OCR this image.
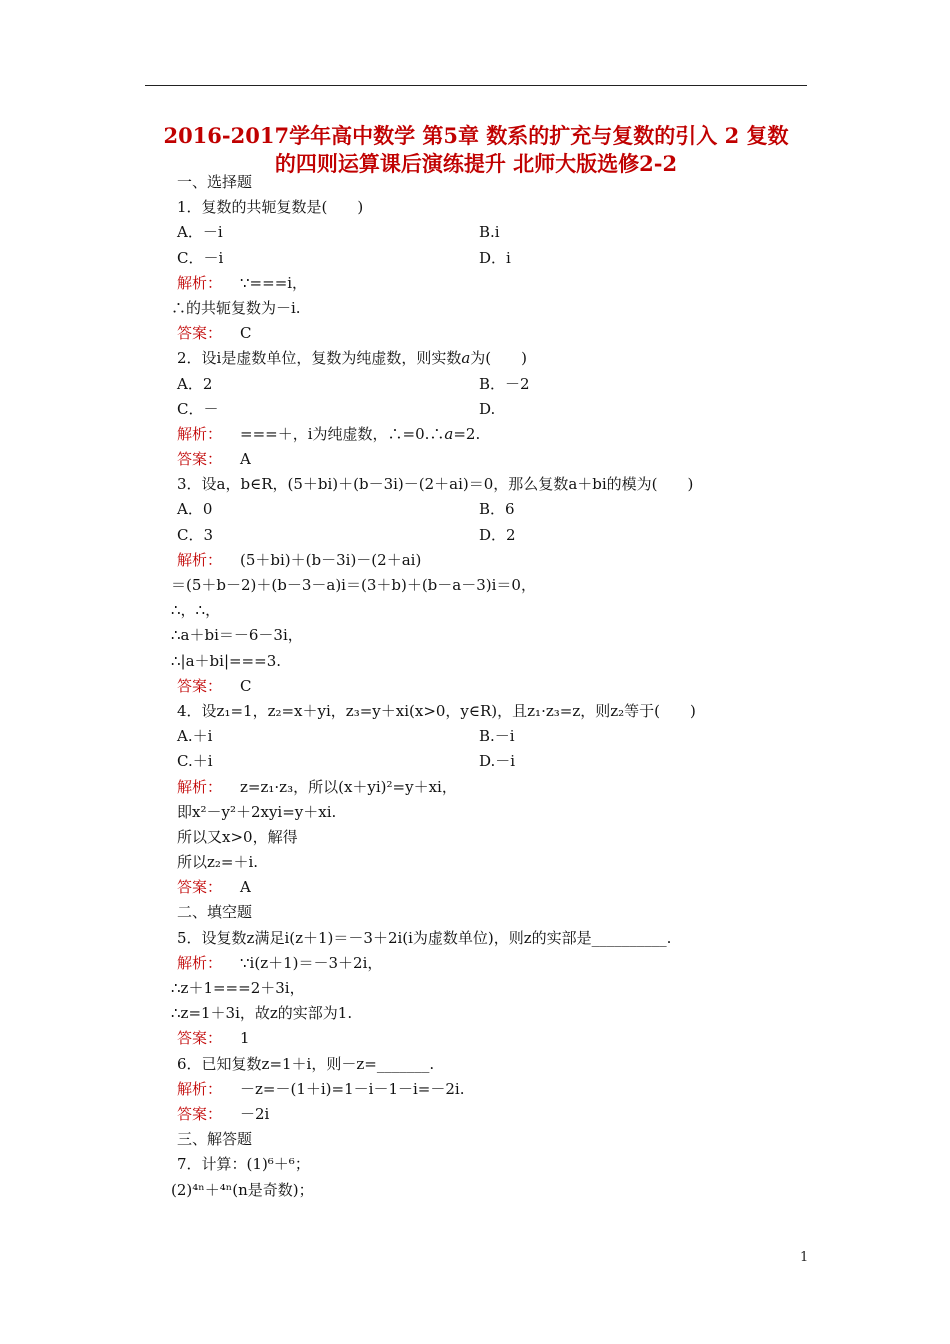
2016-2017学年高中数学 第5章 数系的扩充与复数的引入 2 复数
的四则运算课后演练提升 北师大版选修2-2
一、选择题
1．复数的共轭复数是(　　)
A．－i	B.i
C．－i	D．i
解析： ∵===i，
∴的共轭复数为－i.
答案： C
2．设i是虚数单位，复数为纯虚数，则实数a为(　　)
A．2	B．－2
C．－	D.
解析： ===＋，i为纯虚数，∴=0.∴a=2.
答案： A
3．设a，b∈R，(5＋bi)＋(b－3i)－(2＋ai)＝0，那么复数a＋bi的模为(　　)
A．0	B．6
C．3	D．2
解析： (5＋bi)＋(b－3i)－(2＋ai)
＝(5＋b－2)＋(b－3－a)i＝(3＋b)＋(b－a－3)i＝0，
∴，∴，
∴a＋bi＝－6－3i，
∴|a＋bi|===3.
答案： C
4．设z₁=1，z₂=x＋yi，z₃=y＋xi(x>0，y∈R)，且z₁·z₃=z，则z₂等于(　　)
A.＋i	B.－i
C.＋i	D.－i
解析： z=z₁·z₃，所以(x＋yi)²=y＋xi，
即x²－y²＋2xyi=y＋xi.
所以又x>0，解得
所以z₂=＋i.
答案： A
二、填空题
5．设复数z满足i(z＋1)＝－3＋2i(i为虚数单位)，则z的实部是__________.
解析： ∵i(z＋1)＝－3＋2i，
∴z＋1===2＋3i，
∴z=1＋3i，故z的实部为1.
答案： 1
6．已知复数z=1＋i，则－z=_______.
解析： －z=－(1＋i)=1－i－1－i=－2i.
答案： －2i
三、解答题
7．计算：(1)⁶＋⁶；
(2)⁴ⁿ＋⁴ⁿ(n是奇数)；
1
